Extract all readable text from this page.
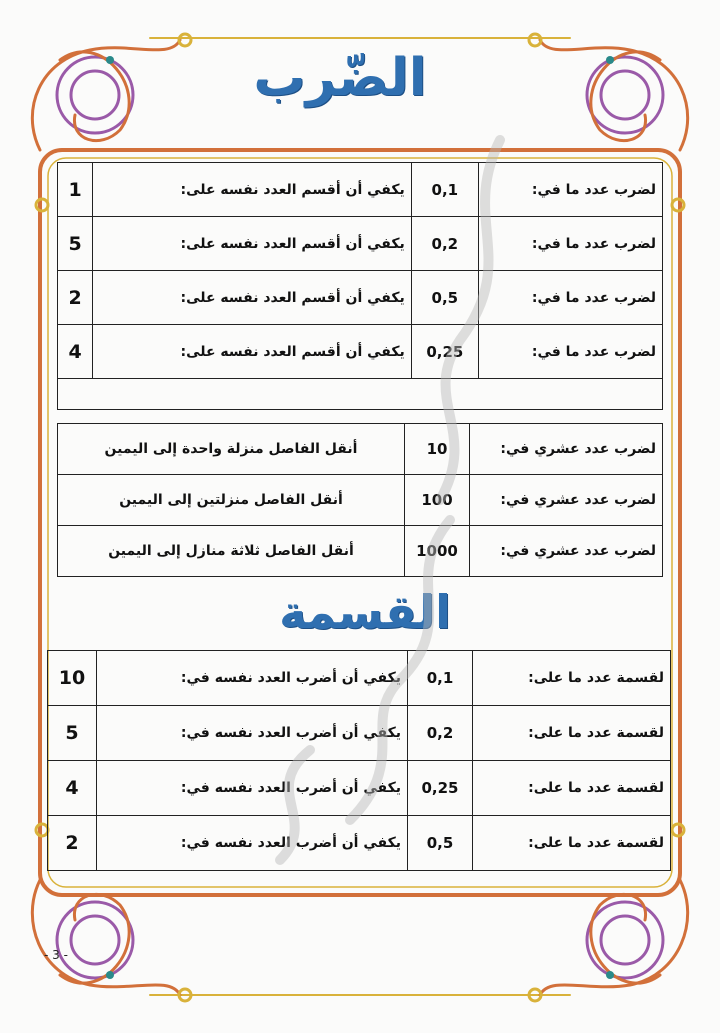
الضّرب
لضرب عدد ما في:	0,1	يكفي أن أقسم العدد نفسه على:	1
لضرب عدد ما في:	0,2	يكفي أن أقسم العدد نفسه على:	5
لضرب عدد ما في:	0,5	يكفي أن أقسم العدد نفسه على:	2
لضرب عدد ما في:	0,25	يكفي أن أقسم العدد نفسه على:	4

لضرب عدد عشري في:	10	أنقل الفاصل منزلة واحدة إلى اليمين
لضرب عدد عشري في:	100	أنقل الفاصل منزلتين إلى اليمين
لضرب عدد عشري في:	1000	أنقل الفاصل ثلاثة منازل إلى اليمين
القسمة
لقسمة عدد ما على:	0,1	يكفي أن أضرب العدد نفسه في:	10
لقسمة عدد ما على:	0,2	يكفي أن أضرب العدد نفسه في:	5
لقسمة عدد ما على:	0,25	يكفي أن أضرب العدد نفسه في:	4
لقسمة عدد ما على:	0,5	يكفي أن أضرب العدد نفسه في:	2
- 3 -
